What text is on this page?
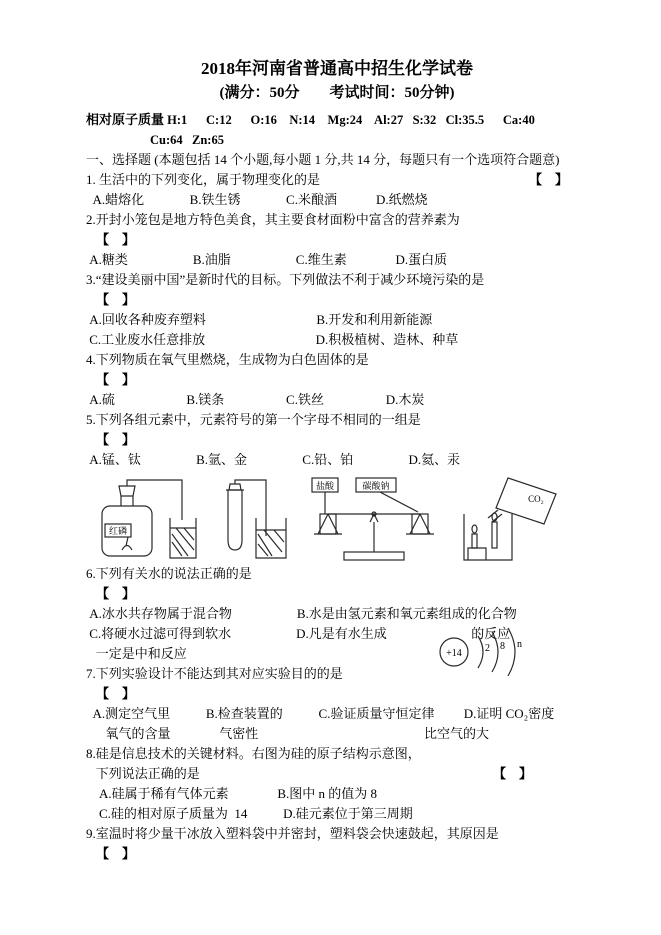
2018年河南省普通高中招生化学试卷
(满分：50分　　考试时间：50分钟)
相对原子质量 H:1      C:12      O:16    N:14    Mg:24    Al:27   S:32   Cl:35.5      Ca:40
Cu:64   Zn:65
一、选择题 (本题包括 14 个小题,每小题 1 分,共 14 分，每题只有一个选项符合题意)
1. 生活中的下列变化，属于物理变化的是	【　】
A.蜡熔化              B.铁生锈              C.米酿酒            D.纸燃烧
2.开封小笼包是地方特色美食，其主要食材面粉中富含的营养素为
【　】
A.糖类                    B.油脂                    C.维生素               D.蛋白质
3.“建设美丽中国”是新时代的目标。下列做法不利于减少环境污染的是
【　】
A.回收各种废弃塑料                                  B.开发和利用新能源
C.工业废水任意排放                                  D.积极植树、造林、种草
4.下列物质在氧气里燃烧，生成物为白色固体的是
【　】
A.硫                      B.镁条                   C.铁丝                   D.木炭
5.下列各组元素中，元素符号的第一个字母不相同的一组是
【　】
A.锰、钛                 B.氩、金                 C.铅、铂                 D.氦、汞
红磷
盐酸	碳酸钠
CO₂
6.下列有关水的说法正确的是
【　】
A.冰水共存物属于混合物                    B.水是由氢元素和氧元素组成的化合物
C.将硬水过滤可得到软水                    D.凡是有水生成                          的反应
一定是中和反应	+14 2 8 n
7.下列实验设计不能达到其对应实验目的的是
【　】
A.测定空气里           B.检查装置的           C.验证质量守恒定律         D.证明 CO₂密度
氧气的含量               气密性                                                   比空气的大
8.硅是信息技术的关键材料。右图为硅的原子结构示意图，
下列说法正确的是	【　】
A.硅属于稀有气体元素               B.图中 n 的值为 8
C.硅的相对原子质量为  14           D.硅元素位于第三周期
9.室温时将少量干冰放入塑料袋中并密封，塑料袋会快速鼓起，其原因是
【　】
